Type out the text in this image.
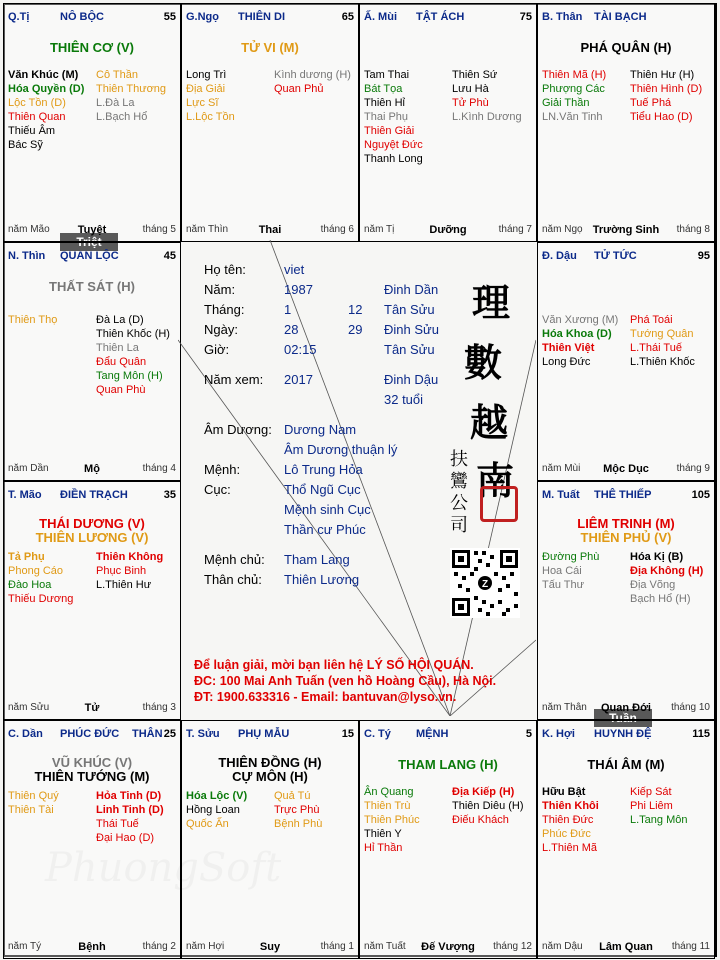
PhuongSoft
Triệt
Tuần
Q.Tị	NÔ BỘC	55
THIÊN CƠ (V)
Văn Khúc (M)
Hóa Quyền (D)
Lộc Tồn (D)
Thiên Quan
Thiếu Âm
Bác Sỹ
Cô Thần
Thiên Thương
L.Đà La
L.Bạch Hổ
năm Mão	Tuyệt	tháng 5
G.Ngọ THIÊN DI	65
TỬ VI (M)
Long Trì
Địa Giải
Lực Sĩ
L.Lộc Tồn
Kình dương (H)
Quan Phủ
năm Thìn	Thai	tháng 6
Ấ. Mùi TẬT ÁCH	75
Tam Thai
Bát Tọa
Thiên Hỉ
Thai Phụ
Thiên Giải
Nguyệt Đức
Thanh Long
Thiên Sứ
Lưu Hà
Tử Phù
L.Kình Dương
năm Tị	Dưỡng	tháng 7
B. Thân TÀI BẠCH
PHÁ QUÂN (H)
Thiên Mã (H)
Phượng Các
Giải Thần
LN.Văn Tinh
Thiên Hư (H)
Thiên Hình (D)
Tuế Phá
Tiểu Hao (D)
năm Ngọ Trường Sinh	tháng 8
N. Thìn QUAN LỘC	45
THẤT SÁT (H)
Thiên Thọ	Đà La (D)
Thiên Khốc (H)
Thiên La
Đẩu Quân
Tang Môn (H)
Quan Phù
năm Dần	Mộ	tháng 4
Đ. Dậu TỬ TỨC	95
Văn Xương (M)
Hóa Khoa (D)
Thiên Việt
Long Đức
Phá Toái
Tướng Quân
L.Thái Tuế
L.Thiên Khốc
năm Mùi	Mộc Dục	tháng 9
T. Mão ĐIỀN TRẠCH	35
THÁI DƯƠNG (V)
THIÊN LƯƠNG (V)
Tả Phụ
Phong Cáo
Đào Hoa
Thiếu Dương
Thiên Không
Phục Binh
L.Thiên Hư
năm Sửu	Tử	tháng 3
M. Tuất THÊ THIẾP	105
LIÊM TRINH (M)
THIÊN PHỦ (V)
Đường Phù
Hoa Cái
Tấu Thư
Hóa Kị (B)
Địa Không (H)
Địa Võng
Bạch Hổ (H)
năm Thân	Quan Đới	tháng 10
C. Dần PHÚC ĐỨC THÂN 25
VŨ KHÚC (V)
THIÊN TƯỚNG (M)
Thiên Quý
Thiên Tài
Hỏa Tinh (D)
Linh Tinh (D)
Thái Tuế
Đại Hao (D)
năm Tý	Bệnh	tháng 2
T. Sửu PHỤ MẪU	15
THIÊN ĐỒNG (H)
CỰ MÔN (H)
Hóa Lộc (V)
Hồng Loan
Quốc Ấn
Quả Tú
Trực Phù
Bệnh Phù
năm Hợi	Suy	tháng 1
C. Tý MỆNH	5
THAM LANG (H)
Ân Quang
Thiên Trù
Thiên Phúc
Thiên Y
Hỉ Thần
Địa Kiếp (H)
Thiên Diêu (H)
Điếu Khách
năm Tuất	Đế Vượng	tháng 12
K. Hợi HUYNH ĐỆ	115
THÁI ÂM (M)
Hữu Bật
Thiên Khôi
Thiên Đức
Phúc Đức
L.Thiên Mã
Kiếp Sát
Phi Liêm
L.Tang Môn
năm Dậu	Lâm Quan	tháng 11
Họ tên:	viet
Năm:	1987	Đinh Dần
Tháng:	1	12 Tân Sửu
Ngày:	28	29 Đinh Sửu
Giờ:	02:15	Tân Sửu
Năm xem: 2017	Đinh Dậu
32 tuổi
Âm Dương: Dương Nam
Âm Dương thuận lý
Mệnh:	Lô Trung Hỏa
Cục:	Thổ Ngũ Cục
Mệnh sinh Cục
Thần cư Phúc
Mệnh chủ: Tham Lang
Thân chủ: Thiên Lương
理
數
越
南
扶
鸞
公
司
Z
Để luận giải, mời bạn liên hệ LÝ SỐ HỘI QUÁN.
ĐC: 100 Mai Anh Tuấn (ven hồ Hoàng Cầu), Hà Nội.
ĐT: 1900.633316 - Email: bantuvan@lyso.vn.
